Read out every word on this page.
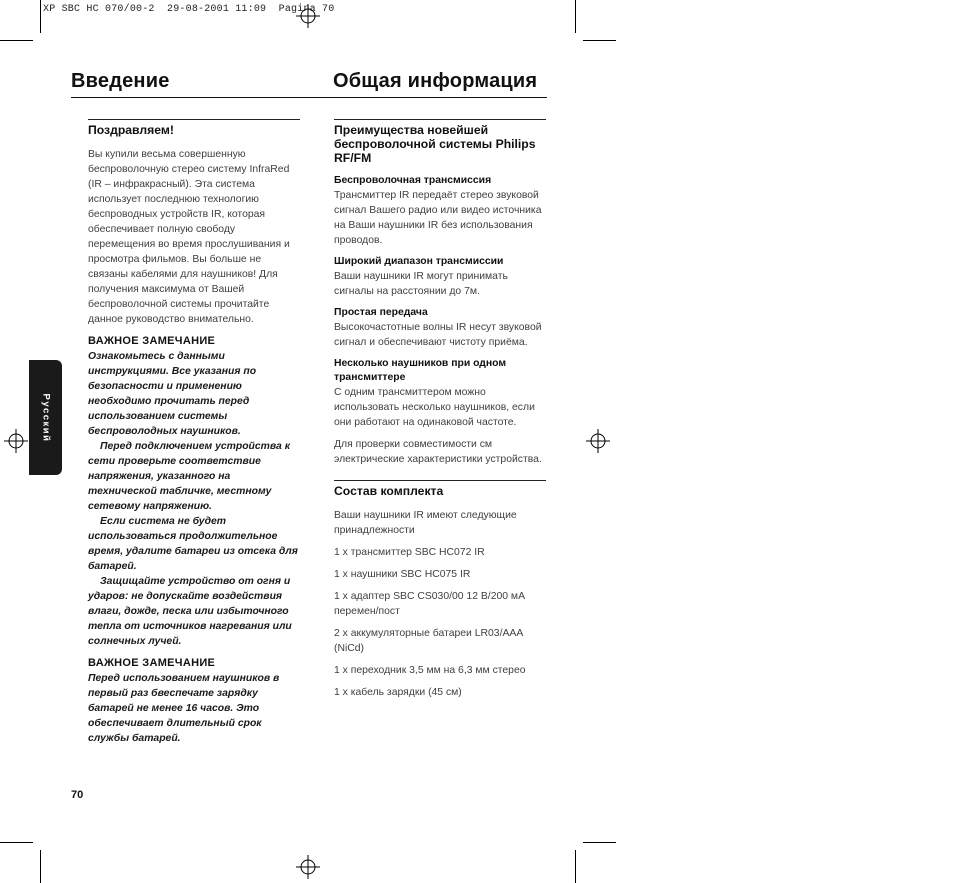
XP SBC HC 070/00-2  29-08-2001 11:09  Pagina 70
Введение	Общая информация
Русский
Поздравляем!

Вы купили весьма совершенную беспроволочную стерео систему InfraRed (IR – инфракрасный). Эта система использует последнюю технологию беспроводных устройств IR, которая обеспечивает полную свободу перемещения во время прослушивания и просмотра фильмов. Вы больше не связаны кабелями для наушников! Для получения максимума от Вашей беспроволочной системы прочитайте данное руководство внимательно.

ВАЖНОЕ ЗАМЕЧАНИЕ

Ознакомьтесь с данными инструкциями. Все указания по безопасности и применению необходимо прочитать перед использованием системы беспроволодных наушников.

Перед подключением устройства к сети проверьте соответствие напряжения, указанного на технической табличке, местному сетевому напряжению.

Если система не будет использоваться продолжительное время, удалите батареи из отсека для батарей.

Защищайте устройство от огня и ударов: не допускайте воздействия влаги, дожде, песка или избыточного тепла от источников нагревания или солнечных лучей.

ВАЖНОЕ ЗАМЕЧАНИЕ

Перед использованием наушников в первый раз бвеспечате зарядку батарей не менее 16 часов. Это обеспечивает длительный срок службы батарей.

Преимущества новейшей беспроволочной системы Philips RF/FM
Беспроволочная трансмиссия

Трансмиттер IR передаёт стерео звуковой сигнал Вашего радио или видео источника на Ваши наушники IR без использования проводов.

Широкий диапазон трансмиссии

Ваши наушники IR могут принимать сигналы на расстоянии до 7м.

Простая передача

Высокочастотные волны IR несут звуковой сигнал и обеспечивают чистоту приёма.

Несколько наушников при одном трансмиттере

С одним трансмиттером можно использовать несколько наушников, если они работают на одинаковой частоте.

Для проверки совместимости см электрические характеристики устройства.

Состав комплекта

Ваши наушники IR имеют следующие принадлежности

1 x трансмиттер SBC HC072 IR

1 x наушники SBC HC075 IR

1 x адаптер SBC CS030/00 12 В/200 мА перемен/пост

2 x аккумуляторные батареи LR03/AAA (NiCd)

1 x переходник 3,5 мм на 6,3 мм стерео

1 x кабель зарядки (45 см)

70
